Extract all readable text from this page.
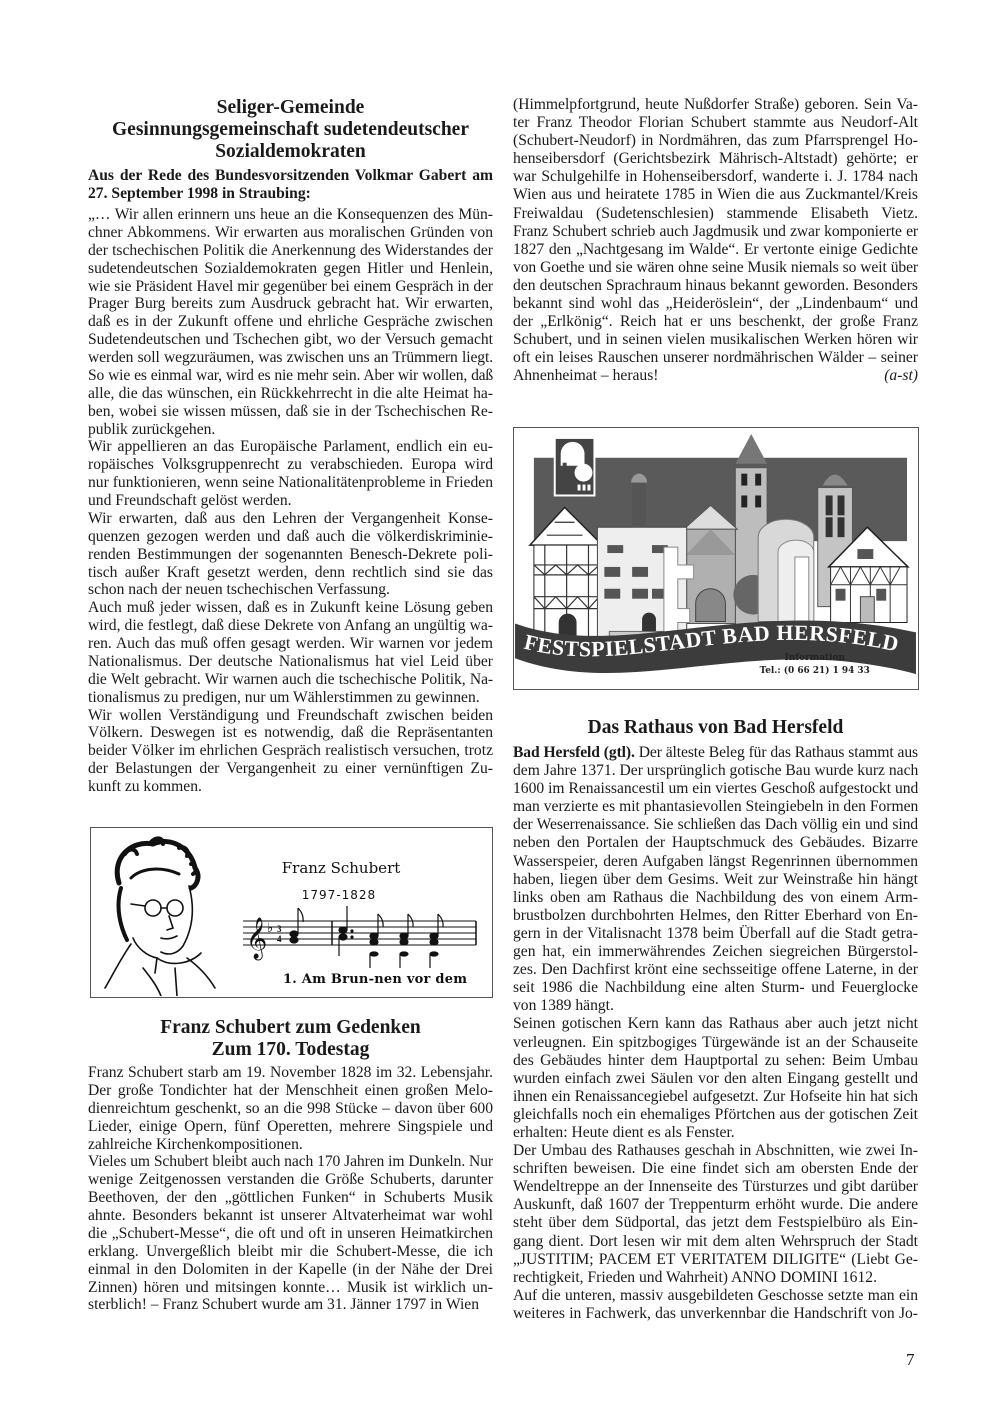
Seliger-Gemeinde
Gesinnungsgemeinschaft sudetendeutscher
Sozialdemokraten
Aus der Rede des Bundesvorsitzenden Volkmar Gabert am
27. September 1998 in Straubing:
„… Wir allen erinnern uns heue an die Konsequenzen des Mün-
chner Abkommens. Wir erwarten aus moralischen Gründen von
der tschechischen Politik die Anerkennung des Widerstandes der
sudetendeutschen Sozialdemokraten gegen Hitler und Henlein,
wie sie Präsident Havel mir gegenüber bei einem Gespräch in der
Prager Burg bereits zum Ausdruck gebracht hat. Wir erwarten,
daß es in der Zukunft offene und ehrliche Gespräche zwischen
Sudetendeutschen und Tschechen gibt, wo der Versuch gemacht
werden soll wegzuräumen, was zwischen uns an Trümmern liegt.
So wie es einmal war, wird es nie mehr sein. Aber wir wollen, daß
alle, die das wünschen, ein Rückkehrrecht in die alte Heimat ha-
ben, wobei sie wissen müssen, daß sie in der Tschechischen Re-
publik zurückgehen.
Wir appellieren an das Europäische Parlament, endlich ein eu-
ropäisches Volksgruppenrecht zu verabschieden. Europa wird
nur funktionieren, wenn seine Nationalitätenprobleme in Frieden
und Freundschaft gelöst werden.
Wir erwarten, daß aus den Lehren der Vergangenheit Konse-
quenzen gezogen werden und daß auch die völkerdiskriminie-
renden Bestimmungen der sogenannten Benesch-Dekrete poli-
tisch außer Kraft gesetzt werden, denn rechtlich sind sie das
schon nach der neuen tschechischen Verfassung.
Auch muß jeder wissen, daß es in Zukunft keine Lösung geben
wird, die festlegt, daß diese Dekrete von Anfang an ungültig wa-
ren. Auch das muß offen gesagt werden. Wir warnen vor jedem
Nationalismus. Der deutsche Nationalismus hat viel Leid über
die Welt gebracht. Wir warnen auch die tschechische Politik, Na-
tionalismus zu predigen, nur um Wählerstimmen zu gewinnen.
Wir wollen Verständigung und Freundschaft zwischen beiden
Völkern. Deswegen ist es notwendig, daß die Repräsentanten
beider Völker im ehrlichen Gespräch realistisch versuchen, trotz
der Belastungen der Vergangenheit zu einer vernünftigen Zu-
kunft zu kommen.
Franz Schubert
1797-1828
𝄞 ♭ 3
4
1. Am Brun-nen vor dem
Franz Schubert zum Gedenken
Zum 170. Todestag
Franz Schubert starb am 19. November 1828 im 32. Lebensjahr.
Der große Tondichter hat der Menschheit einen großen Melo-
dienreichtum geschenkt, so an die 998 Stücke – davon über 600
Lieder, einige Opern, fünf Operetten, mehrere Singspiele und
zahlreiche Kirchenkompositionen.
Vieles um Schubert bleibt auch nach 170 Jahren im Dunkeln. Nur
wenige Zeitgenossen verstanden die Größe Schuberts, darunter
Beethoven, der den „göttlichen Funken“ in Schuberts Musik
ahnte. Besonders bekannt ist unserer Altvaterheimat war wohl
die „Schubert-Messe“, die oft und oft in unseren Heimatkirchen
erklang. Unvergeßlich bleibt mir die Schubert-Messe, die ich
einmal in den Dolomiten in der Kapelle (in der Nähe der Drei
Zinnen) hören und mitsingen konnte… Musik ist wirklich un-
sterblich! – Franz Schubert wurde am 31. Jänner 1797 in Wien
(Himmelpfortgrund, heute Nußdorfer Straße) geboren. Sein Va-
ter Franz Theodor Florian Schubert stammte aus Neudorf-Alt
(Schubert-Neudorf) in Nordmähren, das zum Pfarrsprengel Ho-
henseibersdorf (Gerichtsbezirk Mährisch-Altstadt) gehörte; er
war Schulgehilfe in Hohenseibersdorf, wanderte i. J. 1784 nach
Wien aus und heiratete 1785 in Wien die aus Zuckmantel/Kreis
Freiwaldau (Sudetenschlesien) stammende Elisabeth Vietz.
Franz Schubert schrieb auch Jagdmusik und zwar komponierte er
1827 den „Nachtgesang im Walde“. Er vertonte einige Gedichte
von Goethe und sie wären ohne seine Musik niemals so weit über
den deutschen Sprachraum hinaus bekannt geworden. Besonders
bekannt sind wohl das „Heideröslein“, der „Lindenbaum“ und
der „Erlkönig“. Reich hat er uns beschenkt, der große Franz
Schubert, und in seinen vielen musikalischen Werken hören wir
oft ein leises Rauschen unserer nordmährischen Wälder – seiner
(a-st)
Ahnenheimat – heraus!
FESTSPIELSTADT BAD HERSFELD
Information
Tel.: (0 66 21) 1 94 33
Das Rathaus von Bad Hersfeld
Bad Hersfeld (gtl). Der älteste Beleg für das Rathaus stammt aus
dem Jahre 1371. Der ursprünglich gotische Bau wurde kurz nach
1600 im Renaissancestil um ein viertes Geschoß aufgestockt und
man verzierte es mit phantasievollen Steingiebeln in den Formen
der Weserrenaissance. Sie schließen das Dach völlig ein und sind
neben den Portalen der Hauptschmuck des Gebäudes. Bizarre
Wasserspeier, deren Aufgaben längst Regenrinnen übernommen
haben, liegen über dem Gesims. Weit zur Weinstraße hin hängt
links oben am Rathaus die Nachbildung des von einem Arm-
brustbolzen durchbohrten Helmes, den Ritter Eberhard von En-
gern in der Vitalisnacht 1378 beim Überfall auf die Stadt getra-
gen hat, ein immerwährendes Zeichen siegreichen Bürgerstol-
zes. Den Dachfirst krönt eine sechsseitige offene Laterne, in der
seit 1986 die Nachbildung eine alten Sturm- und Feuerglocke
von 1389 hängt.
Seinen gotischen Kern kann das Rathaus aber auch jetzt nicht
verleugnen. Ein spitzbogiges Türgewände ist an der Schauseite
des Gebäudes hinter dem Hauptportal zu sehen: Beim Umbau
wurden einfach zwei Säulen vor den alten Eingang gestellt und
ihnen ein Renaissancegiebel aufgesetzt. Zur Hofseite hin hat sich
gleichfalls noch ein ehemaliges Pförtchen aus der gotischen Zeit
erhalten: Heute dient es als Fenster.
Der Umbau des Rathauses geschah in Abschnitten, wie zwei In-
schriften beweisen. Die eine findet sich am obersten Ende der
Wendeltreppe an der Innenseite des Türsturzes und gibt darüber
Auskunft, daß 1607 der Treppenturm erhöht wurde. Die andere
steht über dem Südportal, das jetzt dem Festspielbüro als Ein-
gang dient. Dort lesen wir mit dem alten Wehrspruch der Stadt
„JUSTITIM; PACEM ET VERITATEM DILIGITE“ (Liebt Ge-
rechtigkeit, Frieden und Wahrheit) ANNO DOMINI 1612.
Auf die unteren, massiv ausgebildeten Geschosse setzte man ein
weiteres in Fachwerk, das unverkennbar die Handschrift von Jo-
7
